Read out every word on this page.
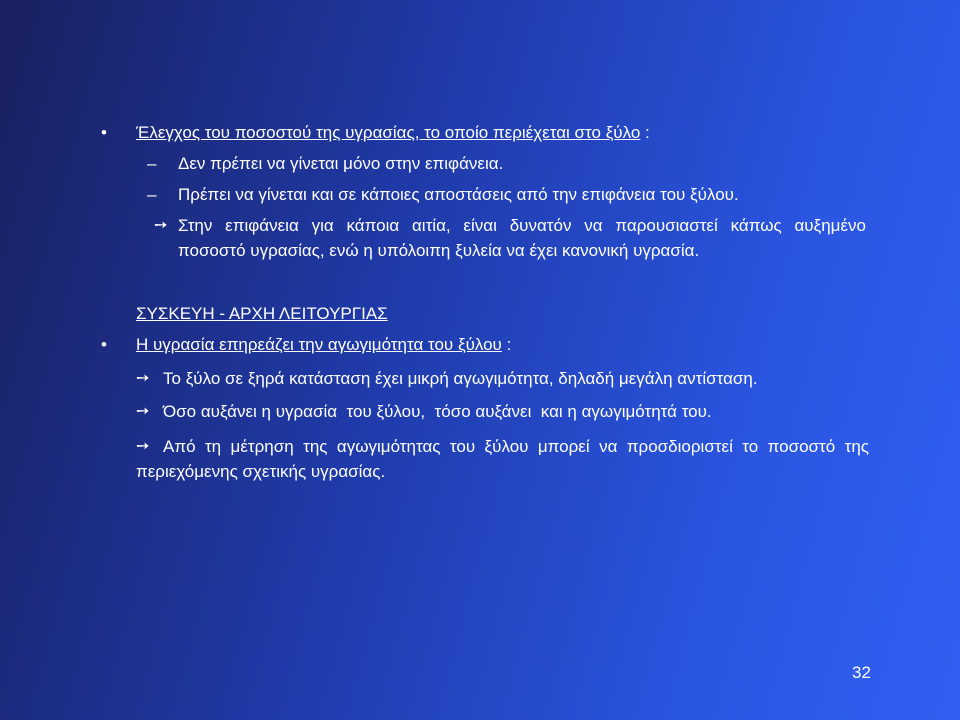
• Έλεγχος του ποσοστού της υγρασίας, το οποίο περιέχεται στο ξύλο :
– Δεν πρέπει να γίνεται μόνο στην επιφάνεια.
– Πρέπει να γίνεται και σε κάποιες αποστάσεις από την επιφάνεια του ξύλου.
➙ Στην επιφάνεια για κάποια αιτία, είναι δυνατόν να παρουσιαστεί κάπως αυξημένο
ποσοστό υγρασίας, ενώ η υπόλοιπη ξυλεία να έχει κανονική υγρασία.
ΣΥΣΚΕΥΗ - ΑΡΧΗ ΛΕΙΤΟΥΡΓΙΑΣ
• Η υγρασία επηρεάζει την αγωγιμότητα του ξύλου :
➙ Το ξύλο σε ξηρά κατάσταση έχει μικρή αγωγιμότητα, δηλαδή μεγάλη αντίσταση.
➙ Όσο αυξάνει η υγρασία  του ξύλου,  τόσο αυξάνει  και η αγωγιμότητά του.
➙ Από τη μέτρηση της αγωγιμότητας του ξύλου μπορεί να προσδιοριστεί το ποσοστό της
περιεχόμενης σχετικής υγρασίας.
32
